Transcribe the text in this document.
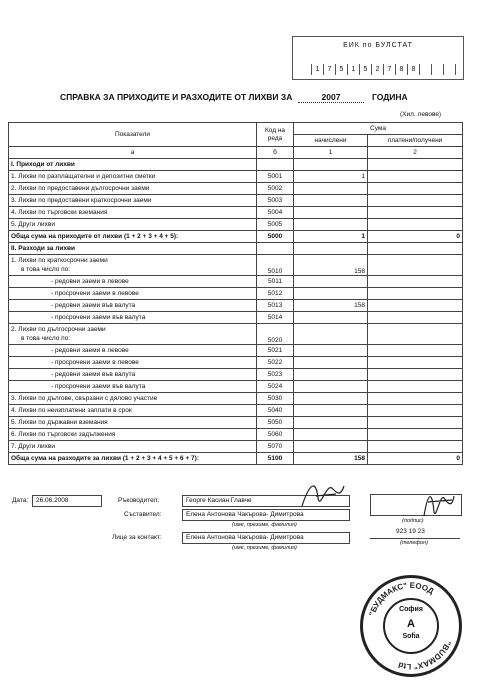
ЕИК по БУЛСТАТ
1	7	5	1	5	2	7	8	8
СПРАВКА ЗА ПРИХОДИТЕ И РАЗХОДИТЕ ОТ ЛИХВИ ЗА	2007	ГОДИНА
(Хил. левове)
Показатели	Код на реда	Сума	
		начислени	платени/получени
а	б	1	2
I. Приходи от лихви			
1. Лихви по разплащателни и депозитни сметки	5001	1	
2. Лихви по предоставени дългосрочни заеми	5002		
3. Лихви по предоставени краткосрочни заеми	5003		
4. Лихви по търговски вземания	5004		
5. Други лихви	5005		
Обща сума на приходите от лихви (1 + 2 + 3 + 4 + 5):	5000	1	0
II. Разходи за лихви			

1. Лихви по краткосрочни заеми
в това число по:	5010	158	
- редовни заеми в левове	5011		
- просрочени заеми в левове	5012		
- редовни заеми във валута	5013	158	
- просрочени заеми във валута	5014		

2. Лихви по дългосрочни заеми
в това число по:	5020		
- редовни заеми в левове	5021		
- просрочени заеми в левове	5022		
- редовни заеми във валута	5023		
- просрочени заеми във валута	5024		
3. Лихви по дългове, свързани с дялово участие	5030		
4. Лихви по неизплатени заплати в срок	5040		
5. Лихви по държавни вземания	5050		
6. Лихви по търговски задължения	5060		
7. Други лихви	5070		
Обща сума на разходите за лихви (1 + 2 + 3 + 4 + 5 + 6 + 7):	5100	158	0
Дата:	26.06.2008	Ръководител:	Георге Касиан Главче
Съставител:	Елена Антонова Чакърова- Димитрова
(име, презиме, фамилия)
(подпис)
Лице за контакт:	Елена Антонова Чакърова- Димитрова
(име, презиме, фамилия)
923 19 23
(телефон)
"БУДМАКС" ЕООД
"BUDMAX" Ltd
София
A
Sofia
